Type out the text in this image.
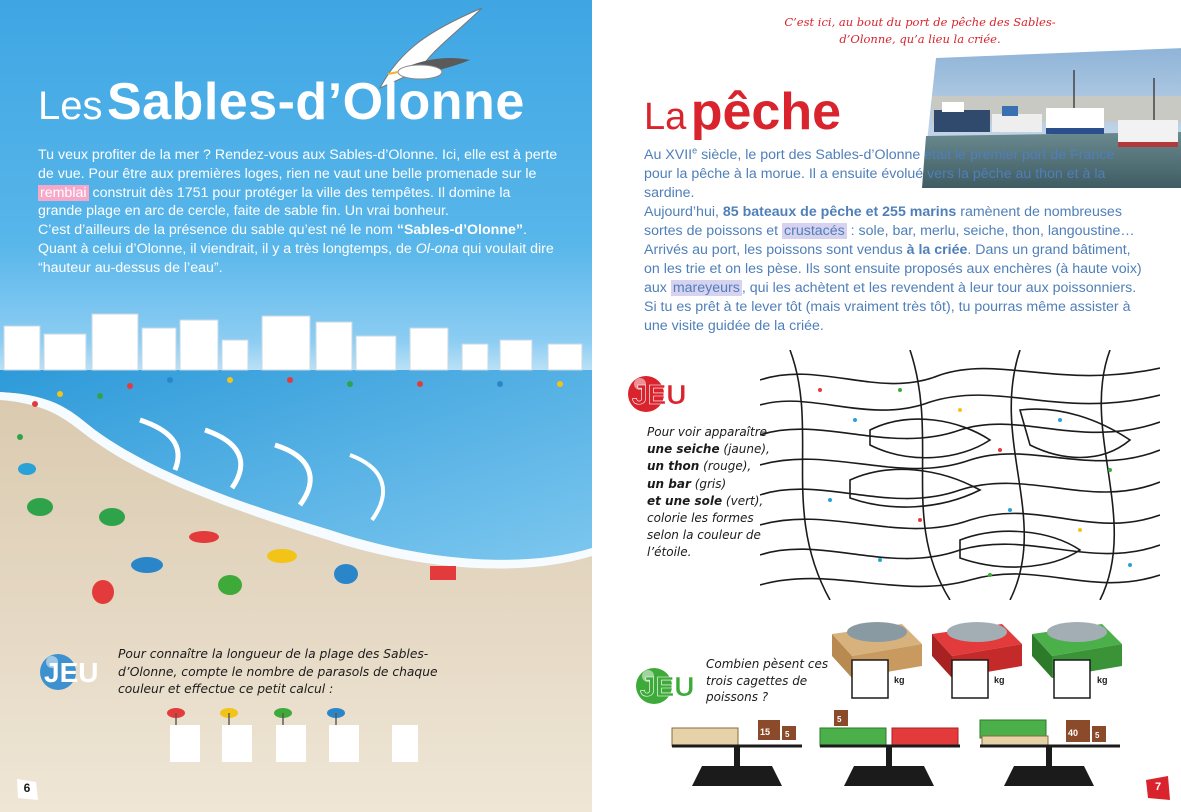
Les Sables-d’Olonne

Tu veux profiter de la mer ? Rendez-vous aux Sables-d’Olonne. Ici, elle est à perte de vue. Pour être aux premières loges, rien ne vaut une belle promenade sur le remblai construit dès 1751 pour protéger la ville des tempêtes. Il domine la grande plage en arc de cercle, faite de sable fin. Un vrai bonheur.

C’est d’ailleurs de la présence du sable qu’est né le nom “Sables-d’Olonne”. Quant à celui d’Olonne, il viendrait, il y a très longtemps, de Ol-ona qui voulait dire “hauteur au-dessus de l’eau”.

JEU
Pour connaître la longueur de la plage des Sables-d’Olonne, compte le nombre de parasols de chaque couleur et effectue ce petit calcul :
6
C’est ici, au bout du port de pêche des Sables-d’Olonne, qu’a lieu la criée.
La pêche

Au XVIIe siècle, le port des Sables-d’Olonne était le premier port de France pour la pêche à la morue. Il a ensuite évolué vers la pêche au thon et à la sardine.

Aujourd’hui, 85 bateaux de pêche et 255 marins ramènent de nombreuses sortes de poissons et crustacés : sole, bar, merlu, seiche, thon, langoustine… Arrivés au port, les poissons sont vendus à la criée. Dans un grand bâtiment, on les trie et on les pèse. Ils sont ensuite proposés aux enchères (à haute voix) aux mareyeurs , qui les achètent et les revendent à leur tour aux poissonniers. Si tu es prêt à te lever tôt (mais vraiment très tôt), tu pourras même assister à une visite guidée de la criée.

JEU
Pour voir apparaître
une seiche (jaune),
un thon (rouge),
un bar (gris)
et une sole (vert),
colorie les formes selon la couleur de l’étoile.
JEU
Combien pèsent ces trois cagettes de poissons ?
kg	kg	kg
15 5
5
40 5
7
